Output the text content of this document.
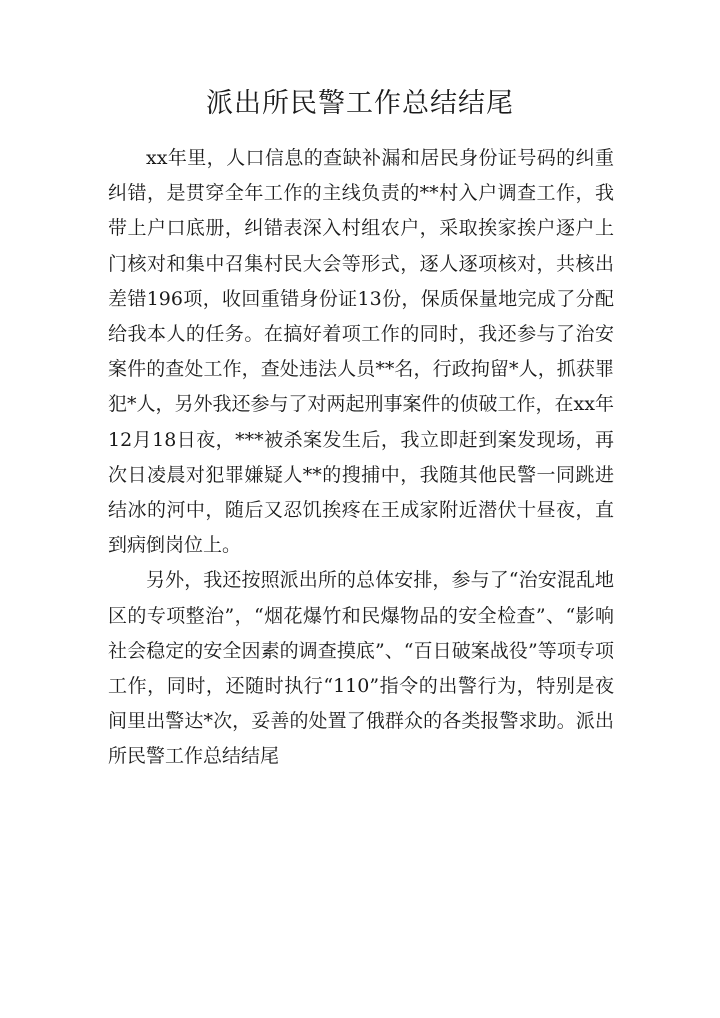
派出所民警工作总结结尾

xx年里，人口信息的查缺补漏和居民身份证号码的纠重纠错，是贯穿全年工作的主线负责的**村入户调查工作，我带上户口底册，纠错表深入村组农户，采取挨家挨户逐户上门核对和集中召集村民大会等形式，逐人逐项核对，共核出差错196项，收回重错身份证13份，保质保量地完成了分配给我本人的任务。在搞好着项工作的同时，我还参与了治安案件的查处工作，查处违法人员**名，行政拘留*人，抓获罪犯*人，另外我还参与了对两起刑事案件的侦破工作，在xx年12月18日夜，***被杀案发生后，我立即赶到案发现场，再次日凌晨对犯罪嫌疑人**的搜捕中，我随其他民警一同跳进结冰的河中，随后又忍饥挨疼在王成家附近潜伏十昼夜，直到病倒岗位上。

另外，我还按照派出所的总体安排，参与了“治安混乱地区的专项整治”，“烟花爆竹和民爆物品的安全检查”、“影响社会稳定的安全因素的调查摸底”、“百日破案战役”等项专项工作，同时，还随时执行“110”指令的出警行为，特别是夜间里出警达*次，妥善的处置了俄群众的各类报警求助。派出所民警工作总结结尾
